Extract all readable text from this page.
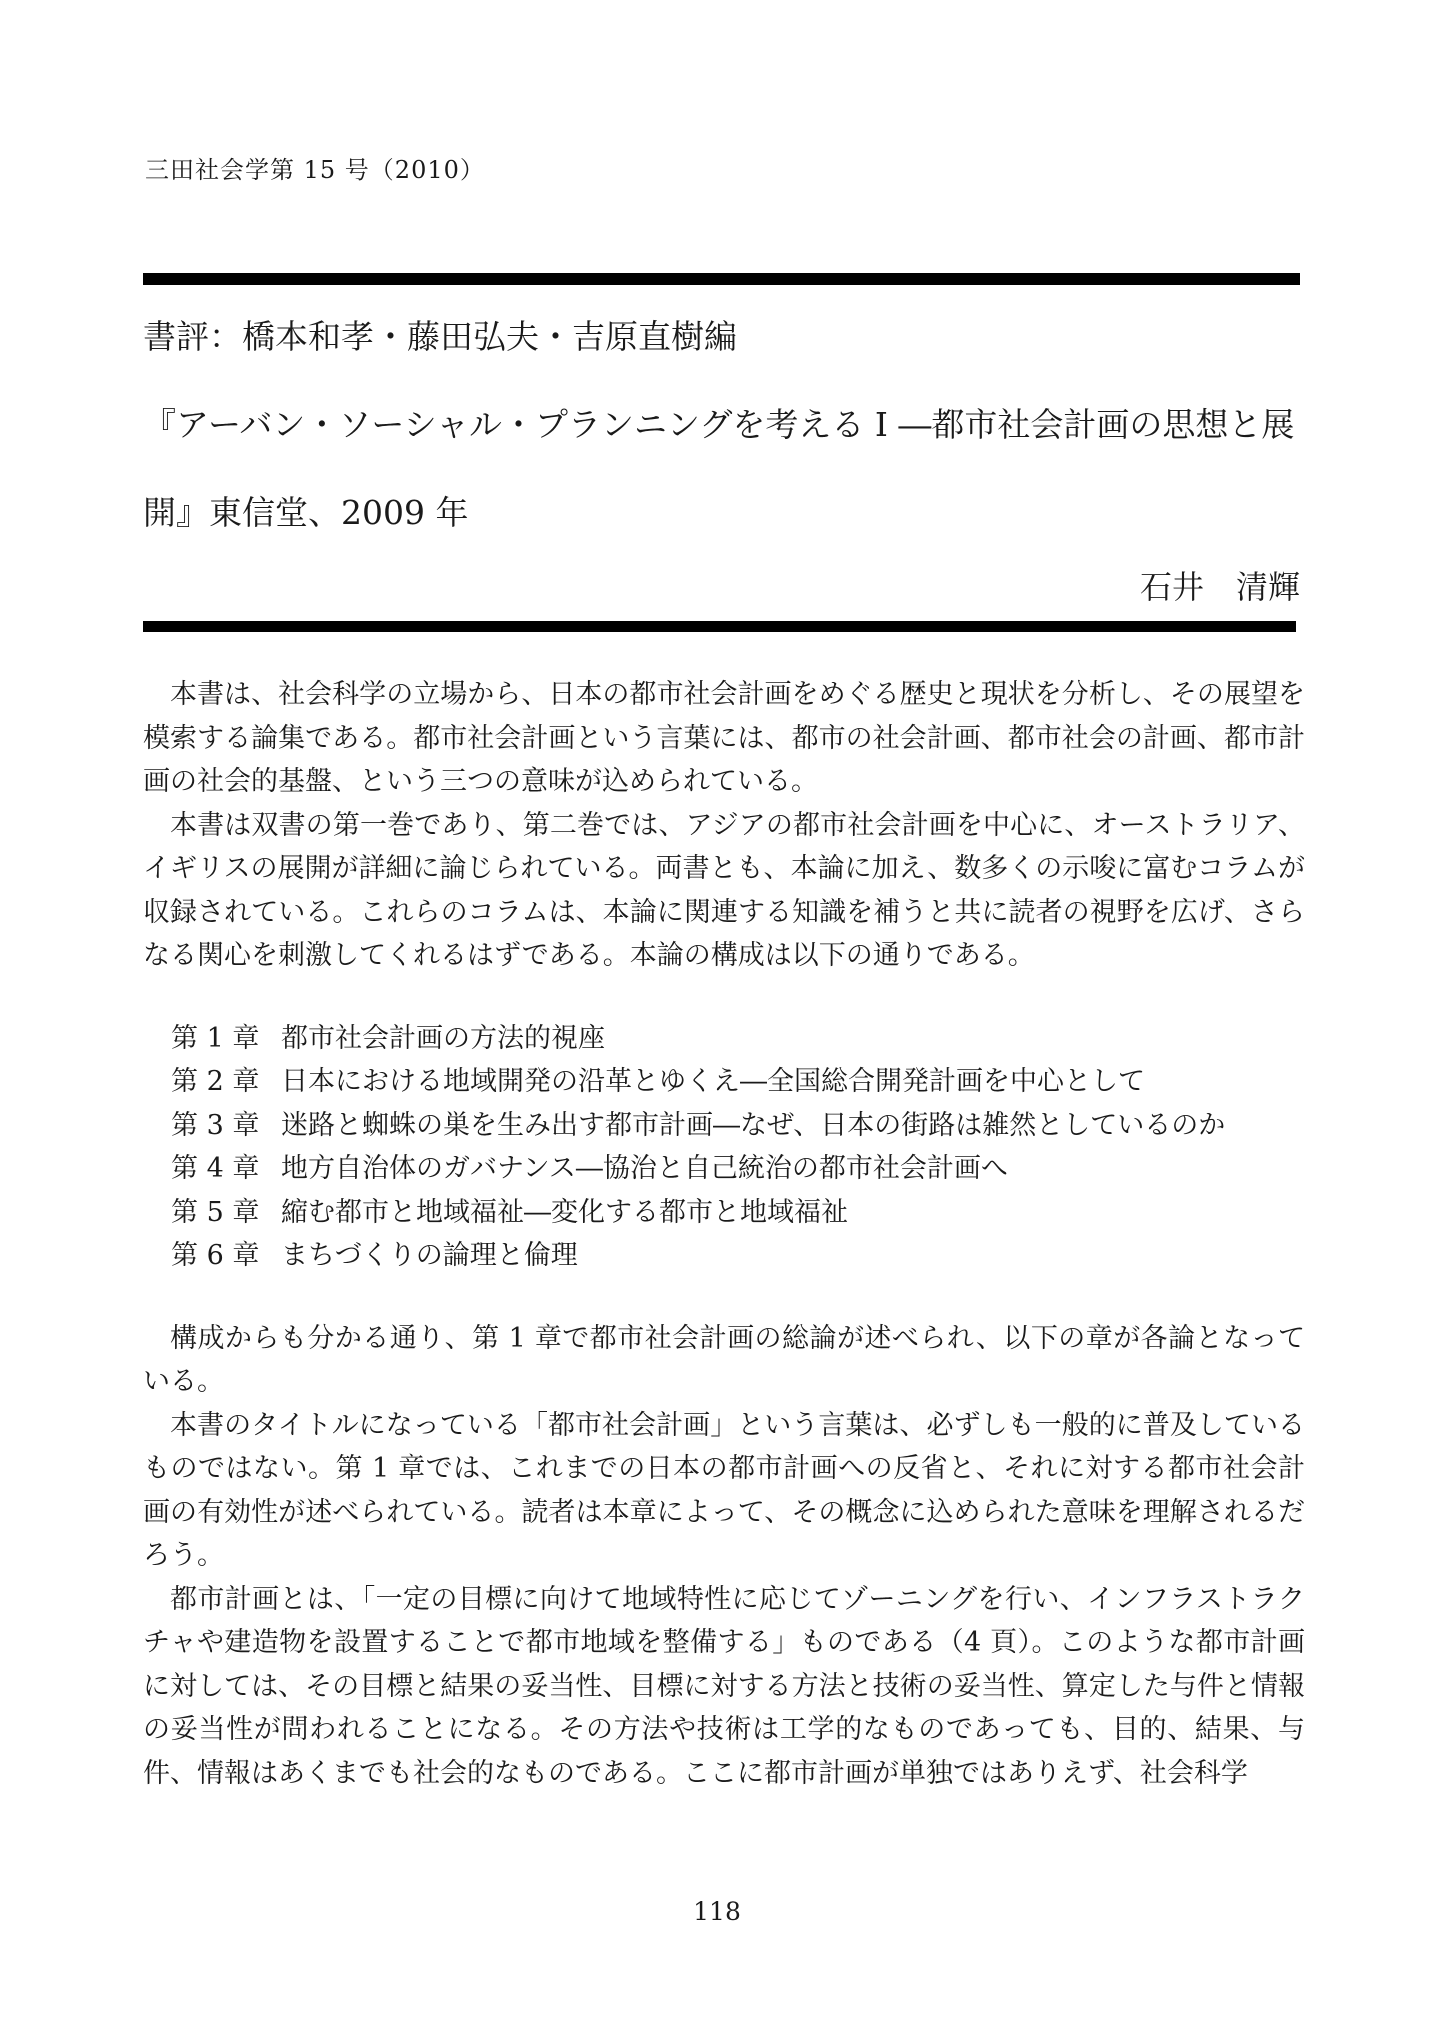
三田社会学第 15 号（2010）
書評：橋本和孝・藤田弘夫・吉原直樹編
『アーバン・ソーシャル・プランニングを考える I ―都市社会計画の思想と展
開』東信堂、2009 年
石井　清輝

本書は、社会科学の立場から、日本の都市社会計画をめぐる歴史と現状を分析し、その展望を模索する論集である。都市社会計画という言葉には、都市の社会計画、都市社会の計画、都市計画の社会的基盤、という三つの意味が込められている。

本書は双書の第一巻であり、第二巻では、アジアの都市社会計画を中心に、オーストラリア、イギリスの展開が詳細に論じられている。両書とも、本論に加え、数多くの示唆に富むコラムが収録されている。これらのコラムは、本論に関連する知識を補うと共に読者の視野を広げ、さらなる関心を刺激してくれるはずである。本論の構成は以下の通りである。

第 1 章 都市社会計画の方法的視座
第 2 章 日本における地域開発の沿革とゆくえ―全国総合開発計画を中心として
第 3 章 迷路と蜘蛛の巣を生み出す都市計画―なぜ、日本の街路は雑然としているのか
第 4 章 地方自治体のガバナンス―協治と自己統治の都市社会計画へ
第 5 章 縮む都市と地域福祉―変化する都市と地域福祉
第 6 章 まちづくりの論理と倫理

構成からも分かる通り、第 1 章で都市社会計画の総論が述べられ、以下の章が各論となっている。

本書のタイトルになっている「都市社会計画」という言葉は、必ずしも一般的に普及しているものではない。第 1 章では、これまでの日本の都市計画への反省と、それに対する都市社会計画の有効性が述べられている。読者は本章によって、その概念に込められた意味を理解されるだろう。

都市計画とは、「一定の目標に向けて地域特性に応じてゾーニングを行い、インフラストラクチャや建造物を設置することで都市地域を整備する」ものである（4 頁）。このような都市計画に対しては、その目標と結果の妥当性、目標に対する方法と技術の妥当性、算定した与件と情報の妥当性が問われることになる。その方法や技術は工学的なものであっても、目的、結果、与件、情報はあくまでも社会的なものである。ここに都市計画が単独ではありえず、社会科学

118
